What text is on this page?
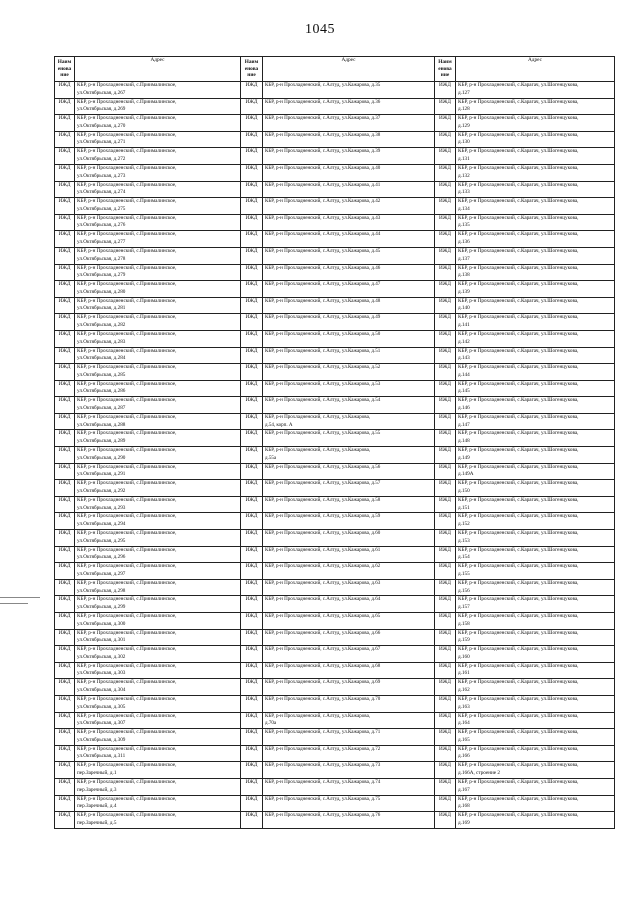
1045
Наим енова ние	Адрес	Наим енова ние	Адрес	Наим енова ние	Адрес
ИЖД	КБР, р-н Прохладненский, с.Приималинское,
ул.Октябрьская, д.267	ИЖД	КБР, р-н Прохладненский, с.Алтуд, ул.Кажарова, д.35	ИЖД	КБР, р-н Прохладненский, с.Карагач, ул.Шогенцукова,
д.127

ИЖД	КБР, р-н Прохладненский, с.Приималинское,
ул.Октябрьская, д.269	ИЖД	КБР, р-н Прохладненский, с.Алтуд, ул.Кажарова, д.36	ИЖД	КБР, р-н Прохладненский, с.Карагач, ул.Шогенцукова,
д.128

ИЖД	КБР, р-н Прохладненский, с.Приималинское,
ул.Октябрьская, д.270	ИЖД	КБР, р-н Прохладненский, с.Алтуд, ул.Кажарова, д.37	ИЖД	КБР, р-н Прохладненский, с.Карагач, ул.Шогенцукова,
д.129

ИЖД	КБР, р-н Прохладненский, с.Приималинское,
ул.Октябрьская, д.271	ИЖД	КБР, р-н Прохладненский, с.Алтуд, ул.Кажарова, д.38	ИЖД	КБР, р-н Прохладненский, с.Карагач, ул.Шогенцукова,
д.130

ИЖД	КБР, р-н Прохладненский, с.Приималинское,
ул.Октябрьская, д.272	ИЖД	КБР, р-н Прохладненский, с.Алтуд, ул.Кажарова, д.39	ИЖД	КБР, р-н Прохладненский, с.Карагач, ул.Шогенцукова,
д.131

ИЖД	КБР, р-н Прохладненский, с.Приималинское,
ул.Октябрьская, д.273	ИЖД	КБР, р-н Прохладненский, с.Алтуд, ул.Кажарова, д.40	ИЖД	КБР, р-н Прохладненский, с.Карагач, ул.Шогенцукова,
д.132

ИЖД	КБР, р-н Прохладненский, с.Приималинское,
ул.Октябрьская, д.274	ИЖД	КБР, р-н Прохладненский, с.Алтуд, ул.Кажарова, д.41	ИЖД	КБР, р-н Прохладненский, с.Карагач, ул.Шогенцукова,
д.133

ИЖД	КБР, р-н Прохладненский, с.Приималинское,
ул.Октябрьская, д.275	ИЖД	КБР, р-н Прохладненский, с.Алтуд, ул.Кажарова, д.42	ИЖД	КБР, р-н Прохладненский, с.Карагач, ул.Шогенцукова,
д.134

ИЖД	КБР, р-н Прохладненский, с.Приималинское,
ул.Октябрьская, д.276	ИЖД	КБР, р-н Прохладненский, с.Алтуд, ул.Кажарова, д.43	ИЖД	КБР, р-н Прохладненский, с.Карагач, ул.Шогенцукова,
д.135

ИЖД	КБР, р-н Прохладненский, с.Приималинское,
ул.Октябрьская, д.277	ИЖД	КБР, р-н Прохладненский, с.Алтуд, ул.Кажарова, д.44	ИЖД	КБР, р-н Прохладненский, с.Карагач, ул.Шогенцукова,
д.136

ИЖД	КБР, р-н Прохладненский, с.Приималинское,
ул.Октябрьская, д.278	ИЖД	КБР, р-н Прохладненский, с.Алтуд, ул.Кажарова, д.45	ИЖД	КБР, р-н Прохладненский, с.Карагач, ул.Шогенцукова,
д.137

ИЖД	КБР, р-н Прохладненский, с.Приималинское,
ул.Октябрьская, д.279	ИЖД	КБР, р-н Прохладненский, с.Алтуд, ул.Кажарова, д.46	ИЖД	КБР, р-н Прохладненский, с.Карагач, ул.Шогенцукова,
д.138

ИЖД	КБР, р-н Прохладненский, с.Приималинское,
ул.Октябрьская, д.280	ИЖД	КБР, р-н Прохладненский, с.Алтуд, ул.Кажарова, д.47	ИЖД	КБР, р-н Прохладненский, с.Карагач, ул.Шогенцукова,
д.139

ИЖД	КБР, р-н Прохладненский, с.Приималинское,
ул.Октябрьская, д.281	ИЖД	КБР, р-н Прохладненский, с.Алтуд, ул.Кажарова, д.48	ИЖД	КБР, р-н Прохладненский, с.Карагач, ул.Шогенцукова,
д.140

ИЖД	КБР, р-н Прохладненский, с.Приималинское,
ул.Октябрьская, д.282	ИЖД	КБР, р-н Прохладненский, с.Алтуд, ул.Кажарова, д.49	ИЖД	КБР, р-н Прохладненский, с.Карагач, ул.Шогенцукова,
д.141

ИЖД	КБР, р-н Прохладненский, с.Приималинское,
ул.Октябрьская, д.283	ИЖД	КБР, р-н Прохладненский, с.Алтуд, ул.Кажарова, д.50	ИЖД	КБР, р-н Прохладненский, с.Карагач, ул.Шогенцукова,
д.142

ИЖД	КБР, р-н Прохладненский, с.Приималинское,
ул.Октябрьская, д.284	ИЖД	КБР, р-н Прохладненский, с.Алтуд, ул.Кажарова, д.51	ИЖД	КБР, р-н Прохладненский, с.Карагач, ул.Шогенцукова,
д.143

ИЖД	КБР, р-н Прохладненский, с.Приималинское,
ул.Октябрьская, д.285	ИЖД	КБР, р-н Прохладненский, с.Алтуд, ул.Кажарова, д.52	ИЖД	КБР, р-н Прохладненский, с.Карагач, ул.Шогенцукова,
д.144

ИЖД	КБР, р-н Прохладненский, с.Приималинское,
ул.Октябрьская, д.286	ИЖД	КБР, р-н Прохладненский, с.Алтуд, ул.Кажарова, д.53	ИЖД	КБР, р-н Прохладненский, с.Карагач, ул.Шогенцукова,
д.145

ИЖД	КБР, р-н Прохладненский, с.Приималинское,
ул.Октябрьская, д.287	ИЖД	КБР, р-н Прохладненский, с.Алтуд, ул.Кажарова, д.54	ИЖД	КБР, р-н Прохладненский, с.Карагач, ул.Шогенцукова,
д.146

ИЖД	КБР, р-н Прохладненский, с.Приималинское,
ул.Октябрьская, д.288	ИЖД	КБР, р-н Прохладненский, с.Алтуд, ул.Кажарова,
д.54, корп. А	ИЖД	КБР, р-н Прохладненский, с.Карагач, ул.Шогенцукова,
д.147

ИЖД	КБР, р-н Прохладненский, с.Приималинское,
ул.Октябрьская, д.289	ИЖД	КБР, р-н Прохладненский, с.Алтуд, ул.Кажарова, д.55	ИЖД	КБР, р-н Прохладненский, с.Карагач, ул.Шогенцукова,
д.148

ИЖД	КБР, р-н Прохладненский, с.Приималинское,
ул.Октябрьская, д.290	ИЖД	КБР, р-н Прохладненский, с.Алтуд, ул.Кажарова,
д.55а	ИЖД	КБР, р-н Прохладненский, с.Карагач, ул.Шогенцукова,
д.149

ИЖД	КБР, р-н Прохладненский, с.Приималинское,
ул.Октябрьская, д.291	ИЖД	КБР, р-н Прохладненский, с.Алтуд, ул.Кажарова, д.56	ИЖД	КБР, р-н Прохладненский, с.Карагач, ул.Шогенцукова,
д.149А

ИЖД	КБР, р-н Прохладненский, с.Приималинское,
ул.Октябрьская, д.292	ИЖД	КБР, р-н Прохладненский, с.Алтуд, ул.Кажарова, д.57	ИЖД	КБР, р-н Прохладненский, с.Карагач, ул.Шогенцукова,
д.150

ИЖД	КБР, р-н Прохладненский, с.Приималинское,
ул.Октябрьская, д.293	ИЖД	КБР, р-н Прохладненский, с.Алтуд, ул.Кажарова, д.58	ИЖД	КБР, р-н Прохладненский, с.Карагач, ул.Шогенцукова,
д.151

ИЖД	КБР, р-н Прохладненский, с.Приималинское,
ул.Октябрьская, д.294	ИЖД	КБР, р-н Прохладненский, с.Алтуд, ул.Кажарова, д.59	ИЖД	КБР, р-н Прохладненский, с.Карагач, ул.Шогенцукова,
д.152

ИЖД	КБР, р-н Прохладненский, с.Приималинское,
ул.Октябрьская, д.295	ИЖД	КБР, р-н Прохладненский, с.Алтуд, ул.Кажарова, д.60	ИЖД	КБР, р-н Прохладненский, с.Карагач, ул.Шогенцукова,
д.153

ИЖД	КБР, р-н Прохладненский, с.Приималинское,
ул.Октябрьская, д.296	ИЖД	КБР, р-н Прохладненский, с.Алтуд, ул.Кажарова, д.61	ИЖД	КБР, р-н Прохладненский, с.Карагач, ул.Шогенцукова,
д.154

ИЖД	КБР, р-н Прохладненский, с.Приималинское,
ул.Октябрьская, д.297	ИЖД	КБР, р-н Прохладненский, с.Алтуд, ул.Кажарова, д.62	ИЖД	КБР, р-н Прохладненский, с.Карагач, ул.Шогенцукова,
д.155

ИЖД	КБР, р-н Прохладненский, с.Приималинское,
ул.Октябрьская, д.298	ИЖД	КБР, р-н Прохладненский, с.Алтуд, ул.Кажарова, д.63	ИЖД	КБР, р-н Прохладненский, с.Карагач, ул.Шогенцукова,
д.156

ИЖД	КБР, р-н Прохладненский, с.Приималинское,
ул.Октябрьская, д.299	ИЖД	КБР, р-н Прохладненский, с.Алтуд, ул.Кажарова, д.64	ИЖД	КБР, р-н Прохладненский, с.Карагач, ул.Шогенцукова,
д.157

ИЖД	КБР, р-н Прохладненский, с.Приималинское,
ул.Октябрьская, д.300	ИЖД	КБР, р-н Прохладненский, с.Алтуд, ул.Кажарова, д.65	ИЖД	КБР, р-н Прохладненский, с.Карагач, ул.Шогенцукова,
д.158

ИЖД	КБР, р-н Прохладненский, с.Приималинское,
ул.Октябрьская, д.301	ИЖД	КБР, р-н Прохладненский, с.Алтуд, ул.Кажарова, д.66	ИЖД	КБР, р-н Прохладненский, с.Карагач, ул.Шогенцукова,
д.159

ИЖД	КБР, р-н Прохладненский, с.Приималинское,
ул.Октябрьская, д.302	ИЖД	КБР, р-н Прохладненский, с.Алтуд, ул.Кажарова, д.67	ИЖД	КБР, р-н Прохладненский, с.Карагач, ул.Шогенцукова,
д.160

ИЖД	КБР, р-н Прохладненский, с.Приималинское,
ул.Октябрьская, д.303	ИЖД	КБР, р-н Прохладненский, с.Алтуд, ул.Кажарова, д.68	ИЖД	КБР, р-н Прохладненский, с.Карагач, ул.Шогенцукова,
д.161

ИЖД	КБР, р-н Прохладненский, с.Приималинское,
ул.Октябрьская, д.304	ИЖД	КБР, р-н Прохладненский, с.Алтуд, ул.Кажарова, д.69	ИЖД	КБР, р-н Прохладненский, с.Карагач, ул.Шогенцукова,
д.162

ИЖД	КБР, р-н Прохладненский, с.Приималинское,
ул.Октябрьская, д.305	ИЖД	КБР, р-н Прохладненский, с.Алтуд, ул.Кажарова, д.70	ИЖД	КБР, р-н Прохладненский, с.Карагач, ул.Шогенцукова,
д.163

ИЖД	КБР, р-н Прохладненский, с.Приималинское,
ул.Октябрьская, д.307	ИЖД	КБР, р-н Прохладненский, с.Алтуд, ул.Кажарова,
д.70а	ИЖД	КБР, р-н Прохладненский, с.Карагач, ул.Шогенцукова,
д.164

ИЖД	КБР, р-н Прохладненский, с.Приималинское,
ул.Октябрьская, д.309	ИЖД	КБР, р-н Прохладненский, с.Алтуд, ул.Кажарова, д.71	ИЖД	КБР, р-н Прохладненский, с.Карагач, ул.Шогенцукова,
д.165

ИЖД	КБР, р-н Прохладненский, с.Приималинское,
ул.Октябрьская, д.311	ИЖД	КБР, р-н Прохладненский, с.Алтуд, ул.Кажарова, д.72	ИЖД	КБР, р-н Прохладненский, с.Карагач, ул.Шогенцукова,
д.166

ИЖД	КБР, р-н Прохладненский, с.Приималинское,
пер.Заречный, д.1	ИЖД	КБР, р-н Прохладненский, с.Алтуд, ул.Кажарова, д.73	ИЖД	КБР, р-н Прохладненский, с.Карагач, ул.Шогенцукова,
д.166А, строение 2

ИЖД	КБР, р-н Прохладненский, с.Приималинское,
пер.Заречный, д.3	ИЖД	КБР, р-н Прохладненский, с.Алтуд, ул.Кажарова, д.74	ИЖД	КБР, р-н Прохладненский, с.Карагач, ул.Шогенцукова,
д.167

ИЖД	КБР, р-н Прохладненский, с.Приималинское,
пер.Заречный, д.4	ИЖД	КБР, р-н Прохладненский, с.Алтуд, ул.Кажарова, д.75	ИЖД	КБР, р-н Прохладненский, с.Карагач, ул.Шогенцукова,
д.168

ИЖД	КБР, р-н Прохладненский, с.Приималинское,
пер.Заречный, д.5	ИЖД	КБР, р-н Прохладненский, с.Алтуд, ул.Кажарова, д.76	ИЖД	КБР, р-н Прохладненский, с.Карагач, ул.Шогенцукова,
д.169
